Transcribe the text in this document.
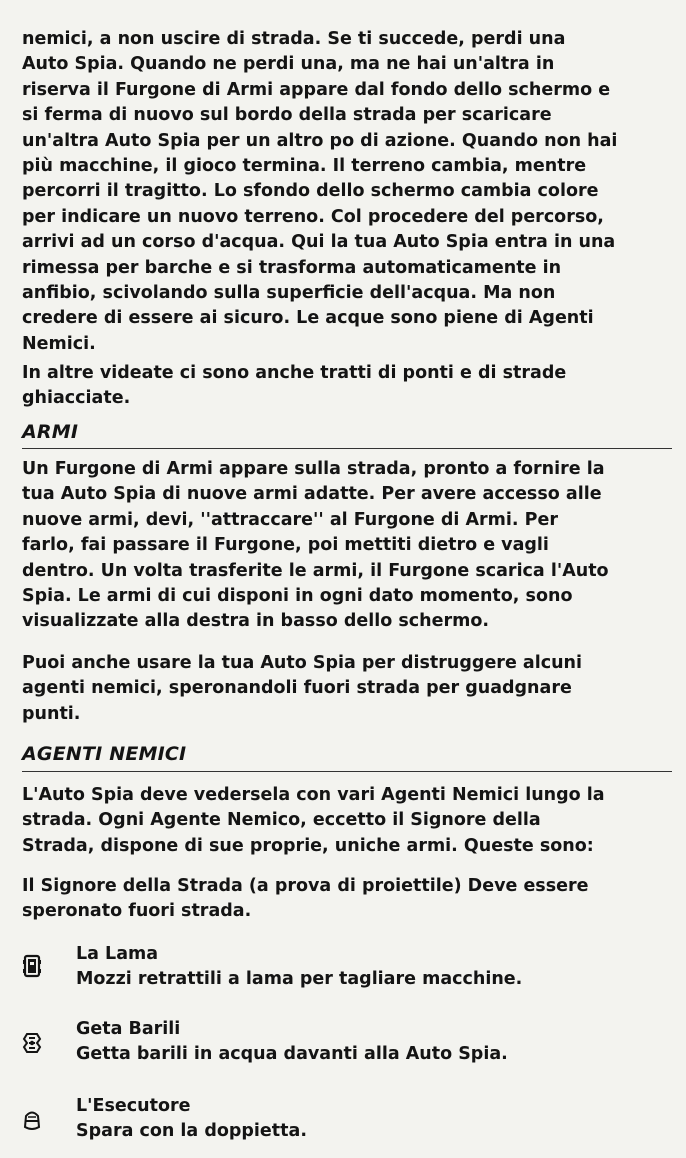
nemici, a non uscire di strada. Se ti succede, perdi una
Auto Spia. Quando ne perdi una, ma ne hai un'altra in
riserva il Furgone di Armi appare dal fondo dello schermo e
si ferma di nuovo sul bordo della strada per scaricare
un'altra Auto Spia per un altro po di azione. Quando non hai
più macchine, il gioco termina. Il terreno cambia, mentre
percorri il tragitto. Lo sfondo dello schermo cambia colore
per indicare un nuovo terreno. Col procedere del percorso,
arrivi ad un corso d'acqua. Qui la tua Auto Spia entra in una
rimessa per barche e si trasforma automaticamente in
anfibio, scivolando sulla superficie dell'acqua. Ma non
credere di essere ai sicuro. Le acque sono piene di Agenti
Nemici.
In altre videate ci sono anche tratti di ponti e di strade
ghiacciate.
ARMI
Un Furgone di Armi appare sulla strada, pronto a fornire la
tua Auto Spia di nuove armi adatte. Per avere accesso alle
nuove armi, devi, ''attraccare'' al Furgone di Armi. Per
farlo, fai passare il Furgone, poi mettiti dietro e vagli
dentro. Un volta trasferite le armi, il Furgone scarica l'Auto
Spia. Le armi di cui disponi in ogni dato momento, sono
visualizzate alla destra in basso dello schermo.
Puoi anche usare la tua Auto Spia per distruggere alcuni
agenti nemici, speronandoli fuori strada per guadgnare
punti.
AGENTI NEMICI
L'Auto Spia deve vedersela con vari Agenti Nemici lungo la
strada. Ogni Agente Nemico, eccetto il Signore della
Strada, dispone di sue proprie, uniche armi. Queste sono:
Il Signore della Strada (a prova di proiettile) Deve essere
speronato fuori strada.
La Lama
Mozzi retrattili a lama per tagliare macchine.
Geta Barili
Getta barili in acqua davanti alla Auto Spia.
L'Esecutore
Spara con la doppietta.
